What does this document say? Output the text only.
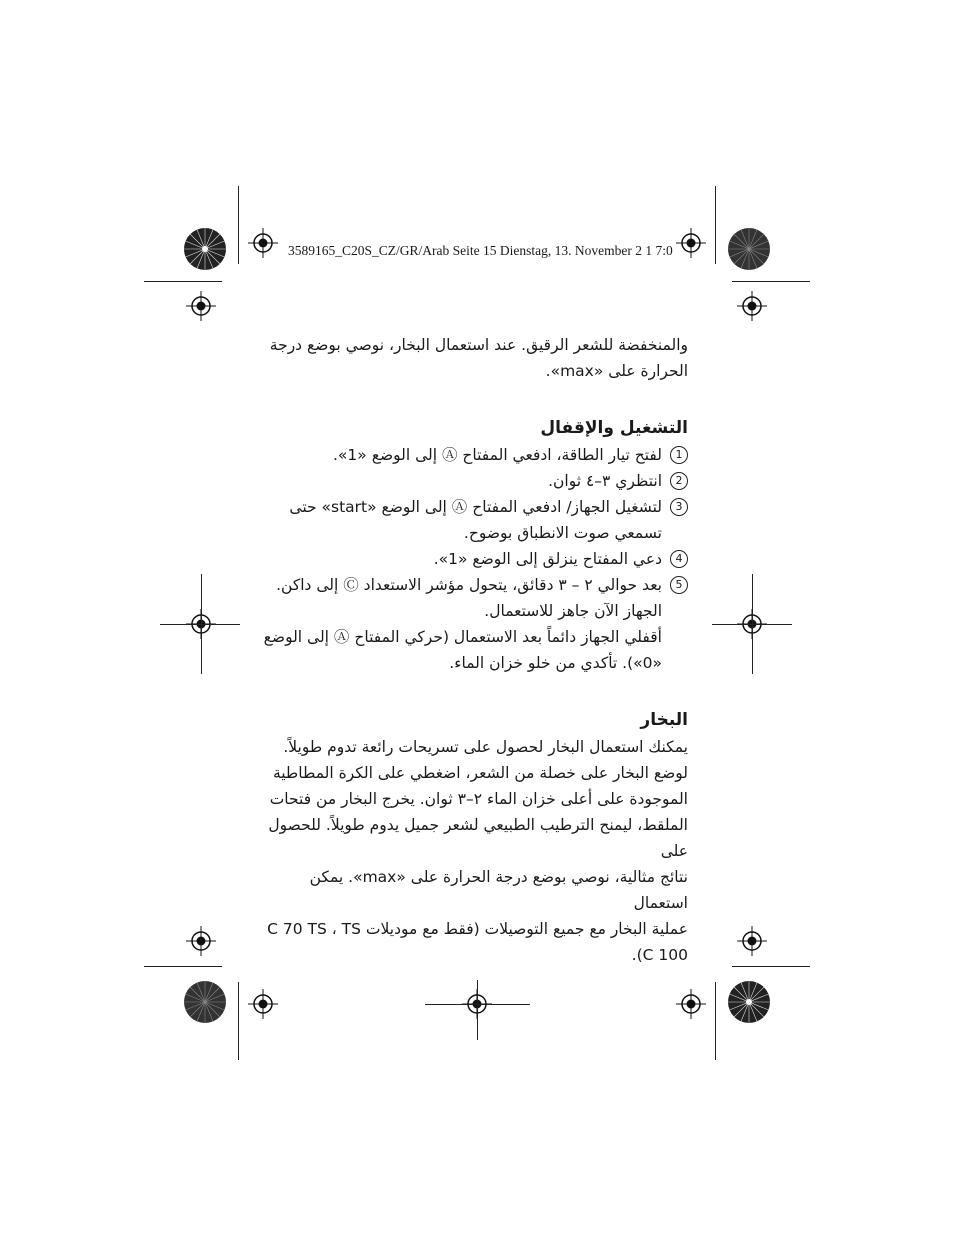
3589165_C20S_CZ/GR/Arab Seite 15 Dienstag, 13. November 2 1 7:0

والمنخفضة للشعر الرقيق. عند استعمال البخار، نوصي بوضع درجة

الحرارة على «max».

التشغيل والإقفال

1
لفتح تيار الطاقة، ادفعي المفتاح Ⓐ إلى الوضع «1».
2
انتظري ٣–٤ ثوان.
3
لتشغيل الجهاز/ ادفعي المفتاح Ⓐ إلى الوضع «start» حتى
تسمعي صوت الانطباق بوضوح.
4
دعي المفتاح ينزلق إلى الوضع «1».
5
بعد حوالي ٢ – ٣ دقائق، يتحول مؤشر الاستعداد Ⓒ إلى داكن.
الجهاز الآن جاهز للاستعمال.
أقفلي الجهاز دائماً بعد الاستعمال (حركي المفتاح Ⓐ إلى الوضع
«0»). تأكدي من خلو خزان الماء.

البخار

يمكنك استعمال البخار لحصول على تسريحات رائعة تدوم طويلاً.

لوضع البخار على خصلة من الشعر، اضغطي على الكرة المطاطية

الموجودة على أعلى خزان الماء ٢–٣ ثوان. يخرج البخار من فتحات

الملقط، ليمنح الترطيب الطبيعي لشعر جميل يدوم طويلاً. للحصول على

نتائج مثالية، نوصي بوضع درجة الحرارة على «max». يمكن استعمال

عملية البخار مع جميع التوصيلات (فقط مع موديلات C 70 TS ، TS

C 100).
